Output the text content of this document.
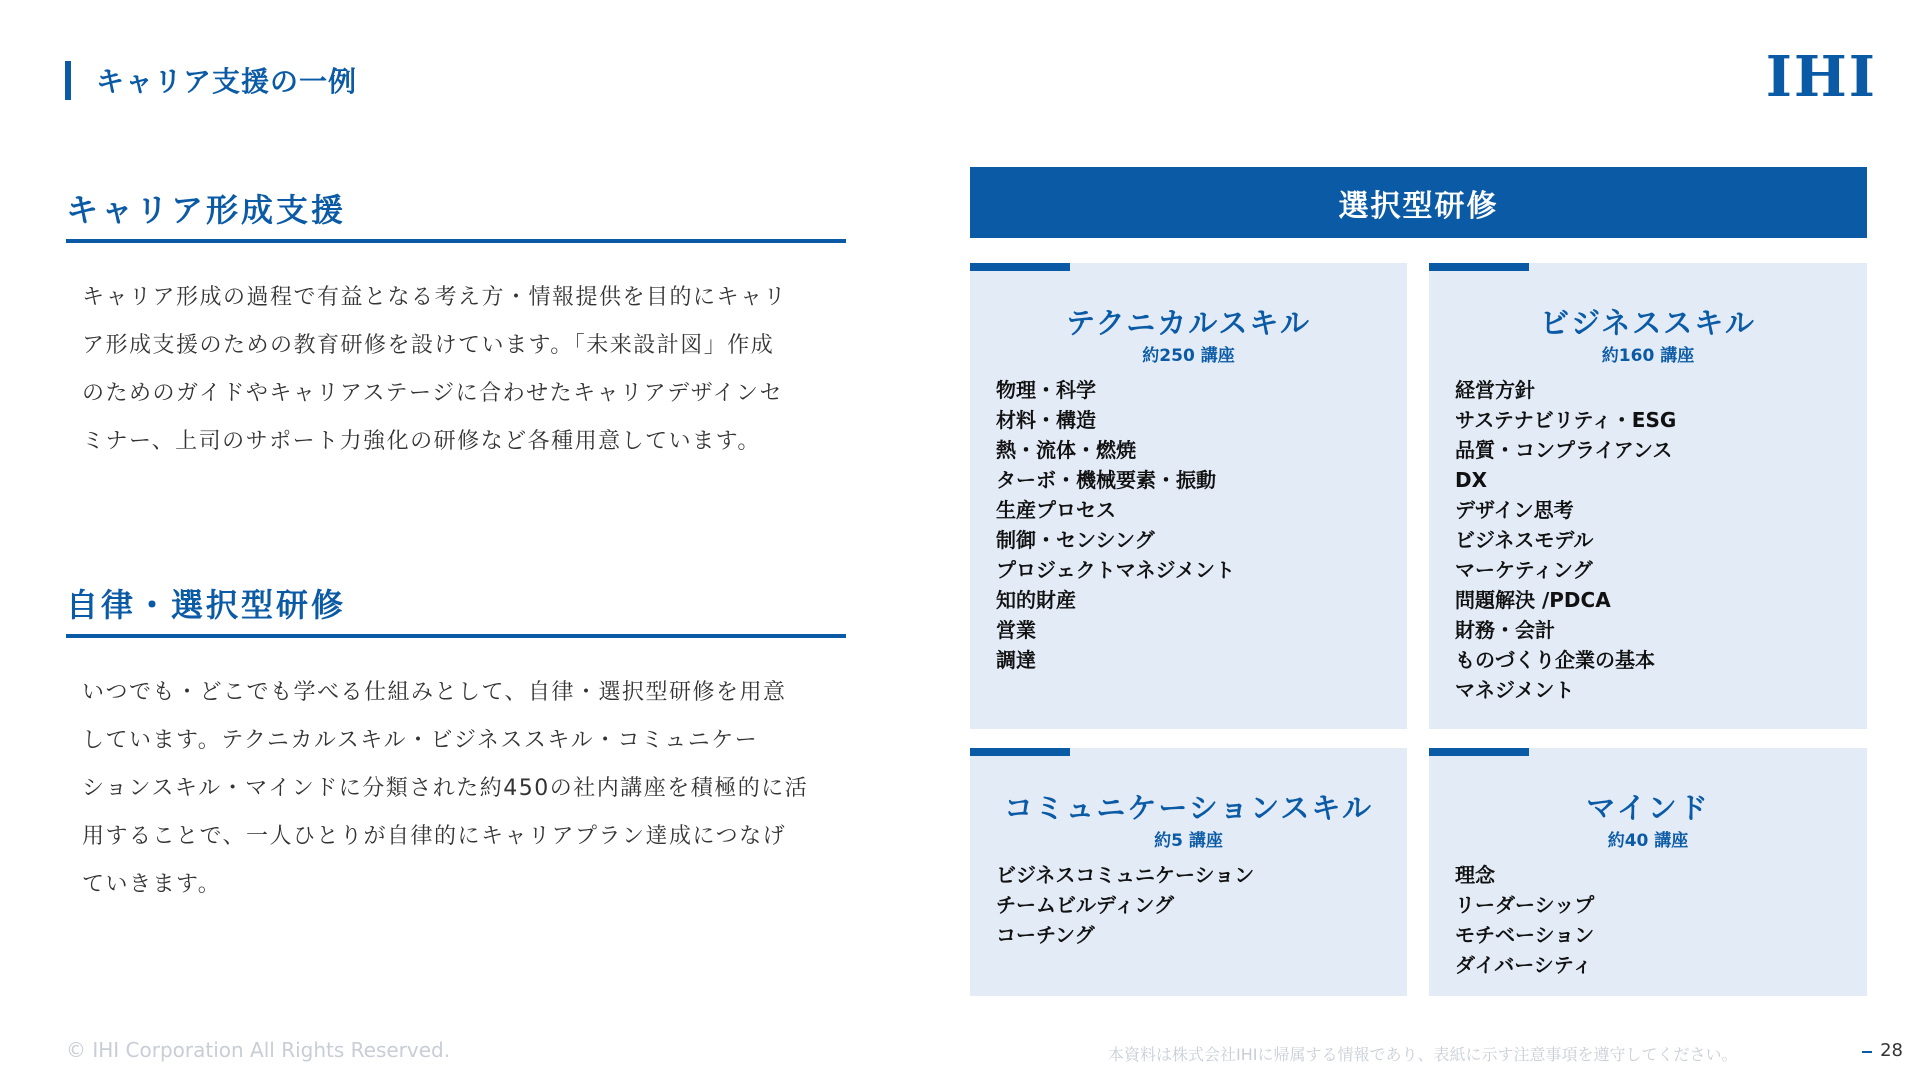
キャリア支援の一例	IHI
キャリア形成支援
キャリア形成の過程で有益となる考え方・情報提供を目的にキャリ
ア形成支援のための教育研修を設けています。「未来設計図」作成
のためのガイドやキャリアステージに合わせたキャリアデザインセ
ミナー、上司のサポート力強化の研修など各種用意しています。
自律・選択型研修
いつでも・どこでも学べる仕組みとして、自律・選択型研修を用意
しています。テクニカルスキル・ビジネススキル・コミュニケー
ションスキル・マインドに分類された約450の社内講座を積極的に活
用することで、一人ひとりが自律的にキャリアプラン達成につなげ
ていきます。
選択型研修
テクニカルスキル
約250 講座
物理・科学
材料・構造
熱・流体・燃焼
ターボ・機械要素・振動
生産プロセス
制御・センシング
プロジェクトマネジメント
知的財産
営業
調達
ビジネススキル
約160 講座
経営方針
サステナビリティ・ESG
品質・コンプライアンス
DX
デザイン思考
ビジネスモデル
マーケティング
問題解決 /PDCA
財務・会計
ものづくり企業の基本
マネジメント
コミュニケーションスキル
約5 講座
ビジネスコミュニケーション
チームビルディング
コーチング
マインド
約40 講座
理念
リーダーシップ
モチベーション
ダイバーシティ
© IHI Corporation All Rights Reserved.	本資料は株式会社IHIに帰属する情報であり、表紙に示す注意事項を遵守してください。	28
